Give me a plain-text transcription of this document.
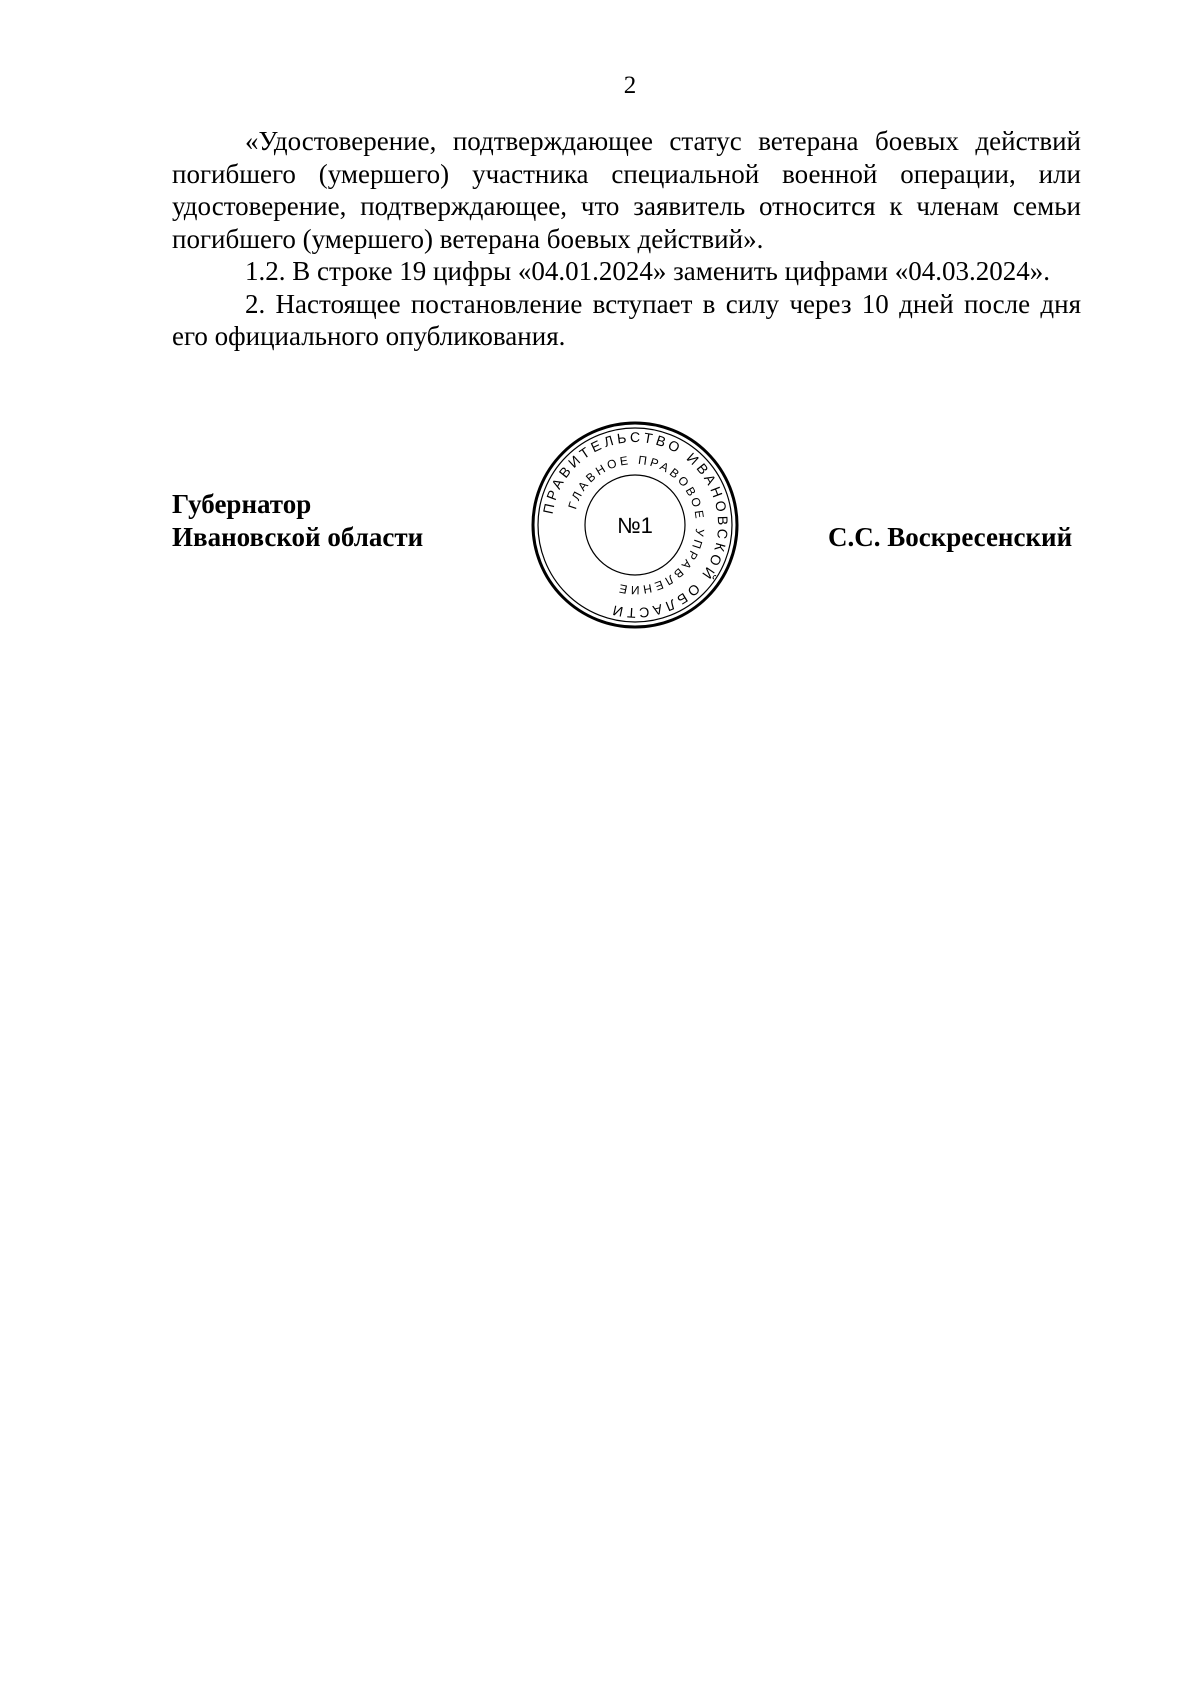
2

«Удостоверение, подтверждающее статус ветерана боевых действий погибшего (умершего) участника специальной военной операции, или удостоверение, подтверждающее, что заявитель относится к членам семьи погибшего (умершего) ветерана боевых действий».

1.2. В строке 19 цифры «04.01.2024» заменить цифрами «04.03.2024».

2. Настоящее постановление вступает в силу через 10 дней после дня его официального опубликования.

Губернатор
Ивановской области
ПРАВИТЕЛЬСТВО ИВАНОВСКОЙ ОБЛАСТИ
ГЛАВНОЕ ПРАВОВОЕ УПРАВЛЕНИЕ
№1	С.С. Воскресенский
